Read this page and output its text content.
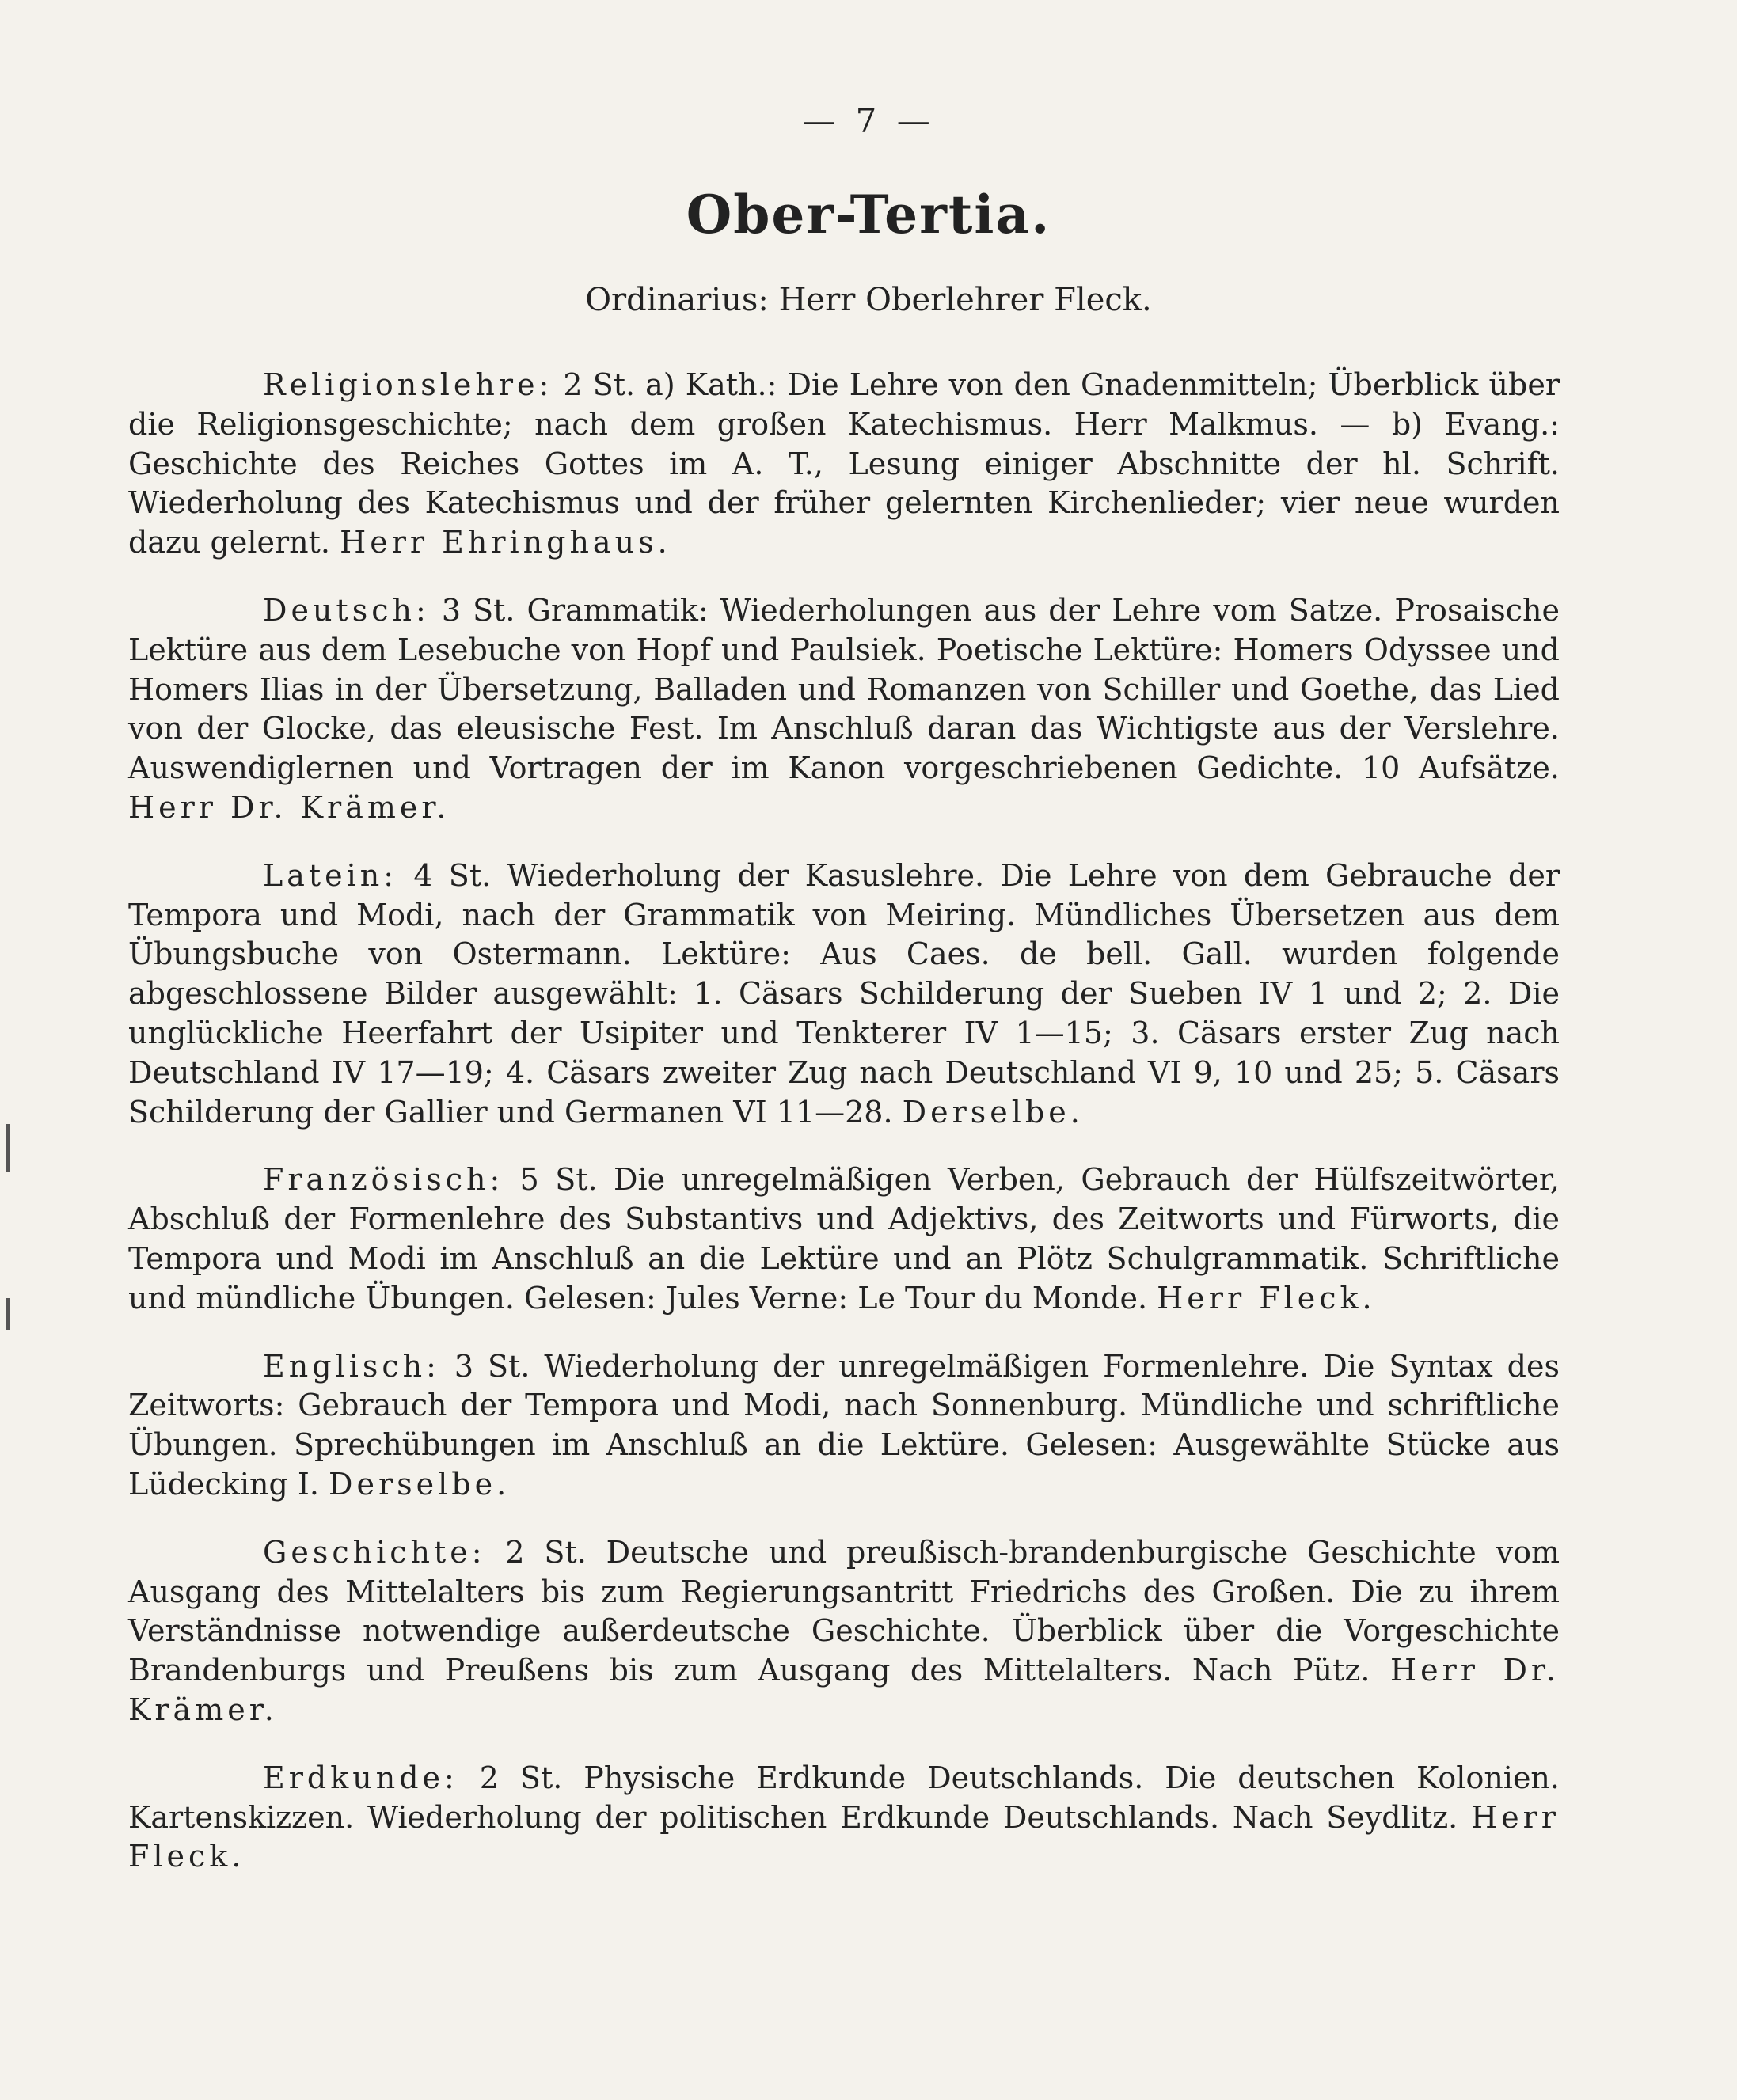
— 7 —
Ober-Tertia.
Ordinarius: Herr Oberlehrer Fleck.

Religionslehre: 2 St. a) Kath.: Die Lehre von den Gnadenmitteln; Überblick über die Religionsgeschichte; nach dem großen Katechismus. Herr Malkmus. — b) Evang.: Geschichte des Reiches Gottes im A. T., Lesung einiger Abschnitte der hl. Schrift. Wiederholung des Katechismus und der früher gelernten Kirchenlieder; vier neue wurden dazu gelernt. Herr Ehringhaus.

Deutsch: 3 St. Grammatik: Wiederholungen aus der Lehre vom Satze. Prosaische Lektüre aus dem Lesebuche von Hopf und Paulsiek. Poetische Lektüre: Homers Odyssee und Homers Ilias in der Übersetzung, Balladen und Romanzen von Schiller und Goethe, das Lied von der Glocke, das eleusische Fest. Im Anschluß daran das Wichtigste aus der Verslehre. Auswendiglernen und Vortragen der im Kanon vorgeschriebenen Gedichte. 10 Aufsätze. Herr Dr. Krämer.

Latein: 4 St. Wiederholung der Kasuslehre. Die Lehre von dem Gebrauche der Tempora und Modi, nach der Grammatik von Meiring. Mündliches Übersetzen aus dem Übungsbuche von Ostermann. Lektüre: Aus Caes. de bell. Gall. wurden folgende abgeschlossene Bilder ausgewählt: 1. Cäsars Schilderung der Sueben IV 1 und 2; 2. Die unglückliche Heerfahrt der Usipiter und Tenkterer IV 1—15; 3. Cäsars erster Zug nach Deutschland IV 17—19; 4. Cäsars zweiter Zug nach Deutschland VI 9, 10 und 25; 5. Cäsars Schilderung der Gallier und Germanen VI 11—28. Derselbe.

Französisch: 5 St. Die unregelmäßigen Verben, Gebrauch der Hülfszeitwörter, Abschluß der Formenlehre des Substantivs und Adjektivs, des Zeitworts und Fürworts, die Tempora und Modi im Anschluß an die Lektüre und an Plötz Schulgrammatik. Schriftliche und mündliche Übungen. Gelesen: Jules Verne: Le Tour du Monde. Herr Fleck.

Englisch: 3 St. Wiederholung der unregelmäßigen Formenlehre. Die Syntax des Zeitworts: Gebrauch der Tempora und Modi, nach Sonnenburg. Mündliche und schriftliche Übungen. Sprechübungen im Anschluß an die Lektüre. Gelesen: Ausgewählte Stücke aus Lüdecking I. Derselbe.

Geschichte: 2 St. Deutsche und preußisch-brandenburgische Geschichte vom Ausgang des Mittelalters bis zum Regierungsantritt Friedrichs des Großen. Die zu ihrem Verständnisse notwendige außerdeutsche Geschichte. Überblick über die Vorgeschichte Brandenburgs und Preußens bis zum Ausgang des Mittelalters. Nach Pütz. Herr Dr. Krämer.

Erdkunde: 2 St. Physische Erdkunde Deutschlands. Die deutschen Kolonien. Kartenskizzen. Wiederholung der politischen Erdkunde Deutschlands. Nach Seydlitz. Herr Fleck.
